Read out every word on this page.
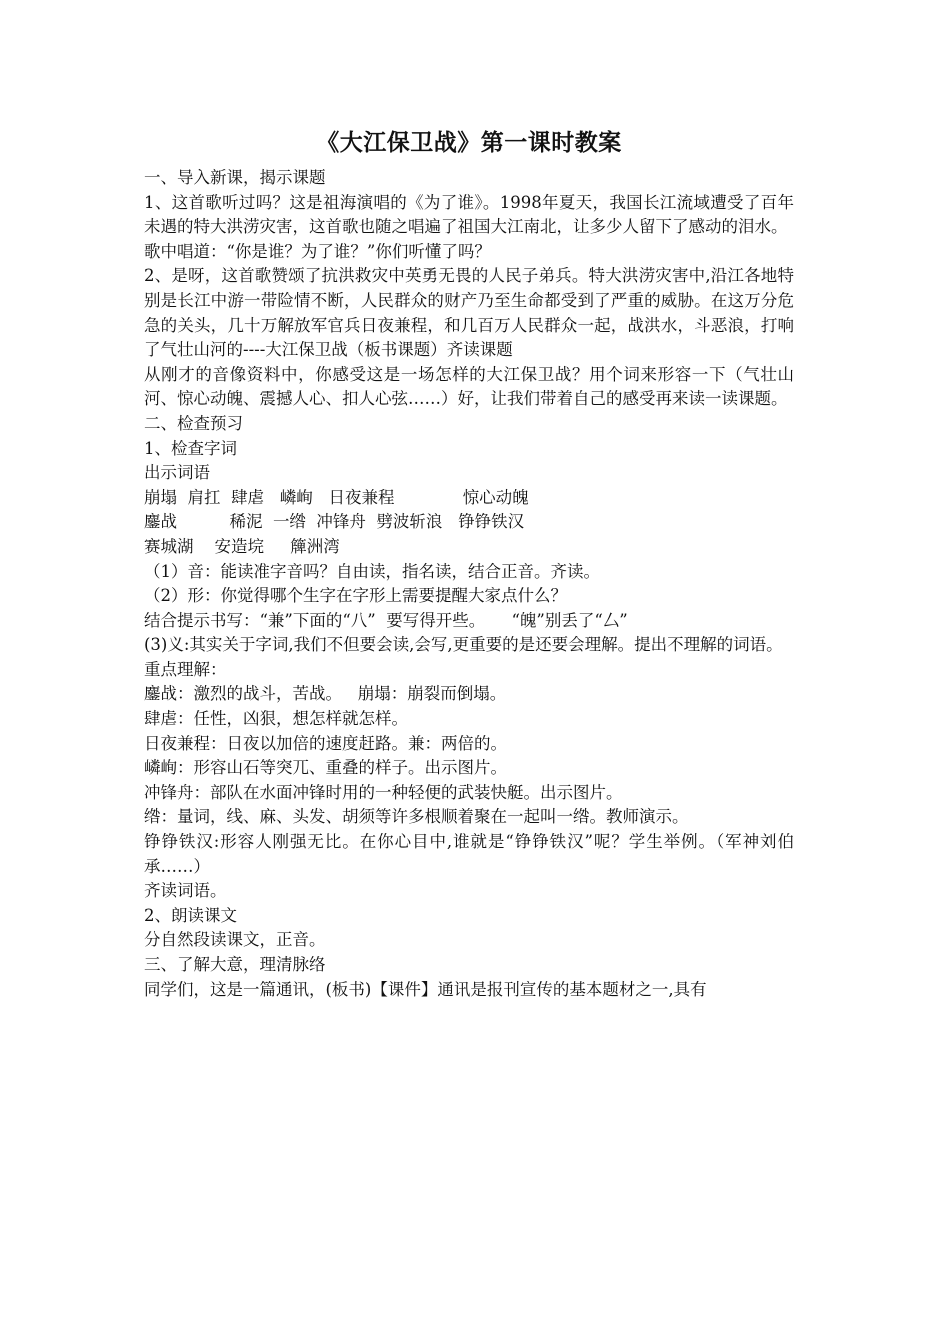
《大江保卫战》第一课时教案

一、导入新课，揭示课题

1、这首歌听过吗？这是祖海演唱的《为了谁》。1998年夏天，我国长江流域遭受了百年未遇的特大洪涝灾害，这首歌也随之唱遍了祖国大江南北，让多少人留下了感动的泪水。

歌中唱道：“你是谁？为了谁？”你们听懂了吗？

2、是呀，这首歌赞颂了抗洪救灾中英勇无畏的人民子弟兵。特大洪涝灾害中,沿江各地特别是长江中游一带险情不断，人民群众的财产乃至生命都受到了严重的威胁。在这万分危急的关头，几十万解放军官兵日夜兼程，和几百万人民群众一起，战洪水，斗恶浪，打响了气壮山河的----大江保卫战（板书课题）齐读课题

从刚才的音像资料中，你感受这是一场怎样的大江保卫战？用个词来形容一下（气壮山河、惊心动魄、震撼人心、扣人心弦……）好，让我们带着自己的感受再来读一读课题。

二、检查预习

1、检查字词

出示词语

崩塌  肩扛  肆虐   嶙峋   日夜兼程             惊心动魄

鏖战          稀泥  一绺  冲锋舟  劈波斩浪   铮铮铁汉

赛城湖    安造垸     簰洲湾

（1）音：能读准字音吗？自由读，指名读，结合正音。齐读。

（2）形：你觉得哪个生字在字形上需要提醒大家点什么？

结合提示书写：“兼”下面的“八”  要写得开些。     “魄”别丢了“厶”

(3)义:其实关于字词,我们不但要会读,会写,更重要的是还要会理解。提出不理解的词语。

重点理解：

鏖战：激烈的战斗，苦战。   崩塌：崩裂而倒塌。

肆虐：任性，凶狠，想怎样就怎样。

日夜兼程：日夜以加倍的速度赶路。兼：两倍的。

嶙峋：形容山石等突兀、重叠的样子。出示图片。

冲锋舟：部队在水面冲锋时用的一种轻便的武装快艇。出示图片。

绺：量词，线、麻、头发、胡须等许多根顺着聚在一起叫一绺。教师演示。

铮铮铁汉:形容人刚强无比。在你心目中,谁就是“铮铮铁汉”呢？学生举例。（军神刘伯承……）

齐读词语。

2、朗读课文

分自然段读课文，正音。

三、了解大意，理清脉络

同学们，这是一篇通讯，(板书)【课件】通讯是报刊宣传的基本题材之一,具有
